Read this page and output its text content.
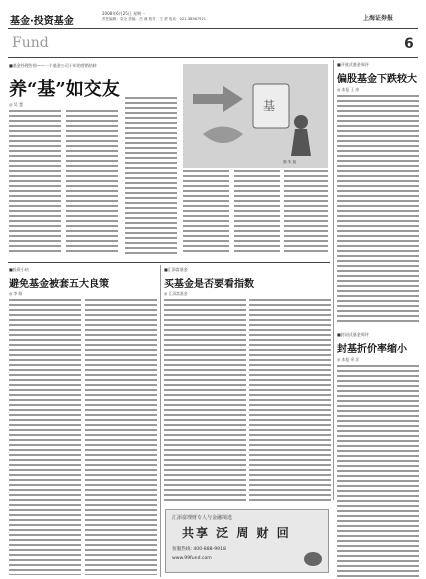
基金·投资基金
2008年6月25日 星期一
责任编辑：袁全 美编：吕 蓉 校对：王 蒙 电话：021-38967921	上海证券报
Fund	6
■基金经理告别——一个基金公司十年的营销结转
养“基”如交友
◎ 吴 慧	基
图 朱 旭
■开放式基金周评
偏股基金下跌较大
◎ 本报 王 冰
■封闭式基金周评
封基折价率缩小
◎ 本报 余 洋
■投资小结
避免基金被套五大良策
◎ 李 路
■汇添富基金
买基金是否要看指数
◎ 汇添富基金
汇添富理财专人与金融境选
共享 泛 周 财 回
客服热线: 400-888-9918
www.99fund.com
